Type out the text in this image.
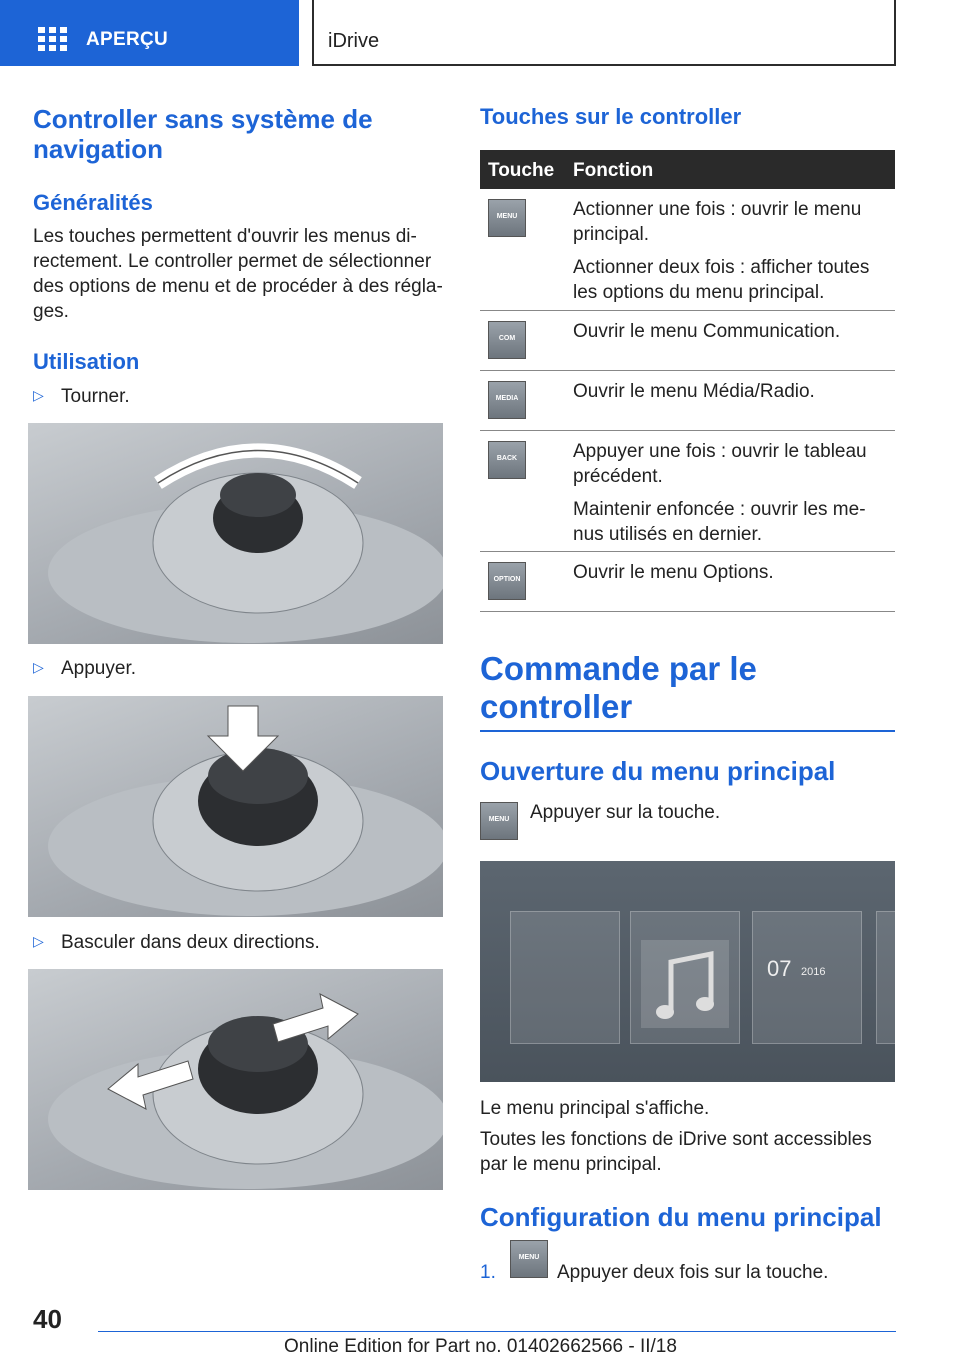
APERÇU	iDrive
Controller sans système de navigation
Généralités
Les touches permettent d'ouvrir les menus directement. Le controller permet de sélectionner des options de menu et de procéder à des réglages.
Utilisation
▷ Tourner.
▷ Appuyer.
▷ Basculer dans deux directions.
Touches sur le controller
Touche Fonction
MENU	Actionner une fois : ouvrir le menu principal.
Actionner deux fois : afficher toutes les options du menu principal.
COM	Ouvrir le menu Communication.
MEDIA	Ouvrir le menu Média/Radio.
BACK	Appuyer une fois : ouvrir le tableau précédent.
Maintenir enfoncée : ouvrir les menus utilisés en dernier.
OPTION	Ouvrir le menu Options.
Commande par le controller
Ouverture du menu principal
MENU	Appuyer sur la touche.
07 2016
Le menu principal s'affiche.
Toutes les fonctions de iDrive sont accessibles par le menu principal.
Configuration du menu principal
1.
MENU
Appuyer deux fois sur la touche.
40
Online Edition for Part no. 01402662566 - II/18
